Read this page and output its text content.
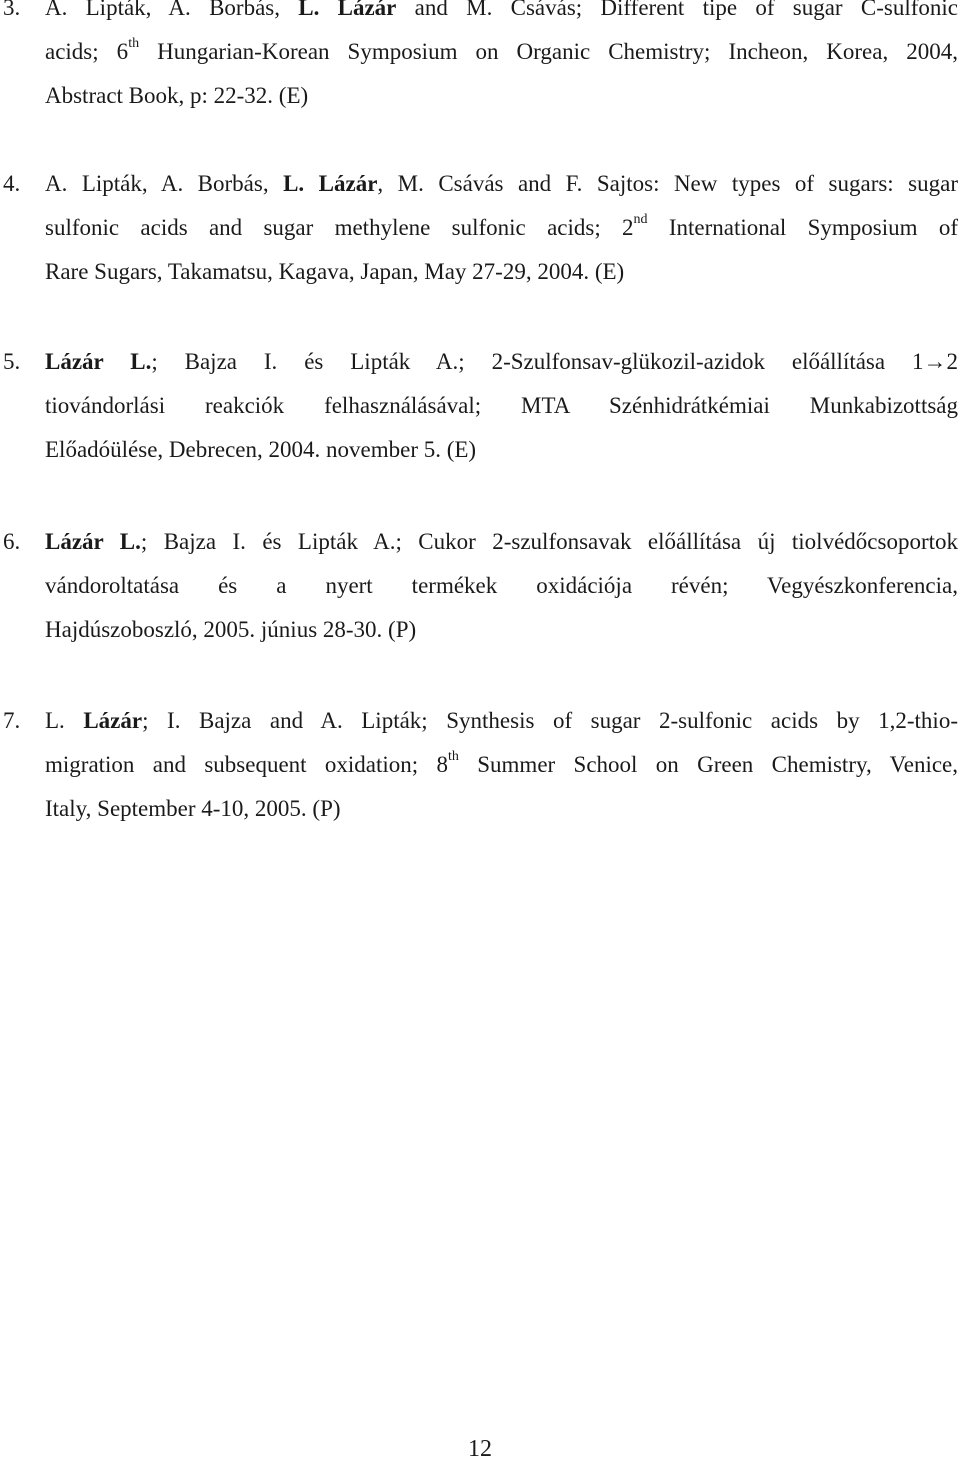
3. A. Lipták, A. Borbás, L. Lázár and M. Csávás; Different tipe of sugar C-sulfonic
acids; 6th Hungarian-Korean Symposium on Organic Chemistry; Incheon, Korea, 2004,
Abstract Book, p: 22-32. (E)
4. A. Lipták, A. Borbás, L. Lázár, M. Csávás and F. Sajtos: New types of sugars: sugar
sulfonic acids and sugar methylene sulfonic acids; 2nd International Symposium of
Rare Sugars, Takamatsu, Kagava, Japan, May 27-29, 2004. (E)
5. Lázár L.; Bajza I. és Lipták A.; 2-Szulfonsav-glükozil-azidok előállítása 1→2
tiovándorlási reakciók felhasználásával; MTA Szénhidrátkémiai Munkabizottság
Előadóülése, Debrecen, 2004. november 5. (E)
6. Lázár L.; Bajza I. és Lipták A.; Cukor 2-szulfonsavak előállítása új tiolvédőcsoportok
vándoroltatása és a nyert termékek oxidációja révén; Vegyészkonferencia,
Hajdúszoboszló, 2005. június 28-30. (P)
7. L. Lázár; I. Bajza and A. Lipták; Synthesis of sugar 2-sulfonic acids by 1,2-thio-
migration and subsequent oxidation; 8th Summer School on Green Chemistry, Venice,
Italy, September 4-10, 2005. (P)
12
